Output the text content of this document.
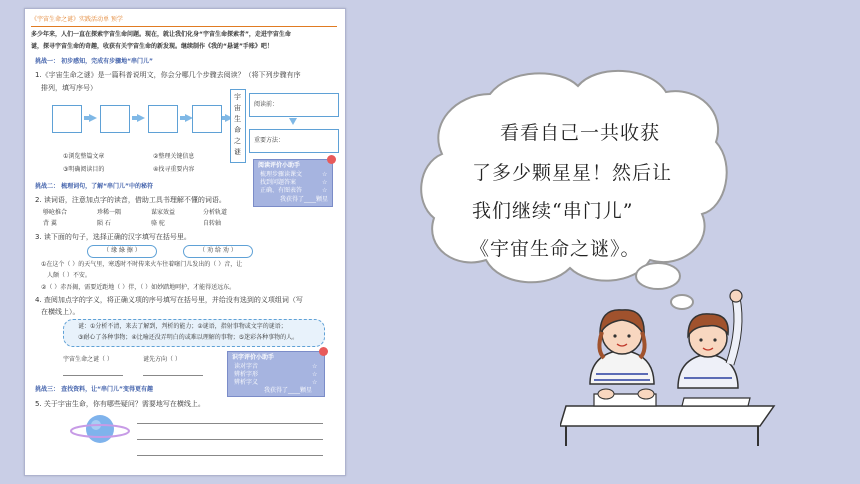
《宇宙生命之谜》实践活动单 预学
多少年来，人们一直在探索宇宙生命问题。现在，就让我们化身“宇宙生命探索者”，走进宇宙生命
谜，探寻宇宙生命的奇趣，收获有关宇宙生命的新发现。继续制作《我的“悬谜”手账》吧！
挑战一： 初步感知，完成有步骤地“串门儿”
1.《宇宙生命之谜》是一篇科普说明文，你会分哪几个步骤去阅读？（将下列步骤有序
排列，填写序号）
宇
宙
生
命
之
谜
阅读前：
重要方法：
①浏览整篇文章	②整理关键信息
③明确阅读目的	④找寻重要内容
阅读评价小助手
梳理步骤读课文	☆
找到问题答案	☆
正确、有图表答	☆
我获得了____颗星
挑战二： 梳理词句，了解“串门儿”中的秘符
2. 读词语，注意加点字的读音，借助工具书理解不懂的词语。
够呛推合	珍稀一隅	谋家效益	分析轨道
背 翼	陨 石	骆 驼	自转轴
3. 读下面的句子，选择正确的汉字填写在括号里。
（ 缘 綠 擦 ）	（ 劝 给 劝 ）
①在这个（ ）的天气里，寒透时不时传来火车往着噻门儿发出的（ ）音，让
人颇（ ）不安。
②（ ）赤吾揭，需要近距地（ ）伴，（ ）如妙踏地呵护，才能得送远东。
4. 查阅加点字的字义，将正确义项的序号填写在括号里，并给没有选到的义项组词（写
在横线上）。
谜：①分析不清，来去了解到，判析的能力；②谜语，指射事物或文字的谜语；
③耐心了各种事物；④比喻还没弄明白的或难以理解的事物；⑤迷彩各种事物的人。
宇宙生命之谜（ ）	谜先方向（ ）	识字评价小助手
读对字音	☆
辨析字形	☆
辨析字义	☆
我获得了____颗星
挑战三： 查找资料，让“串门儿”变得更有趣
5. 关于宇宙生命，你有哪些疑问？需要地写在横线上。
看看自己一共收获
了多少颗星星！然后让
我们继续“串门儿”
《宇宙生命之谜》。
